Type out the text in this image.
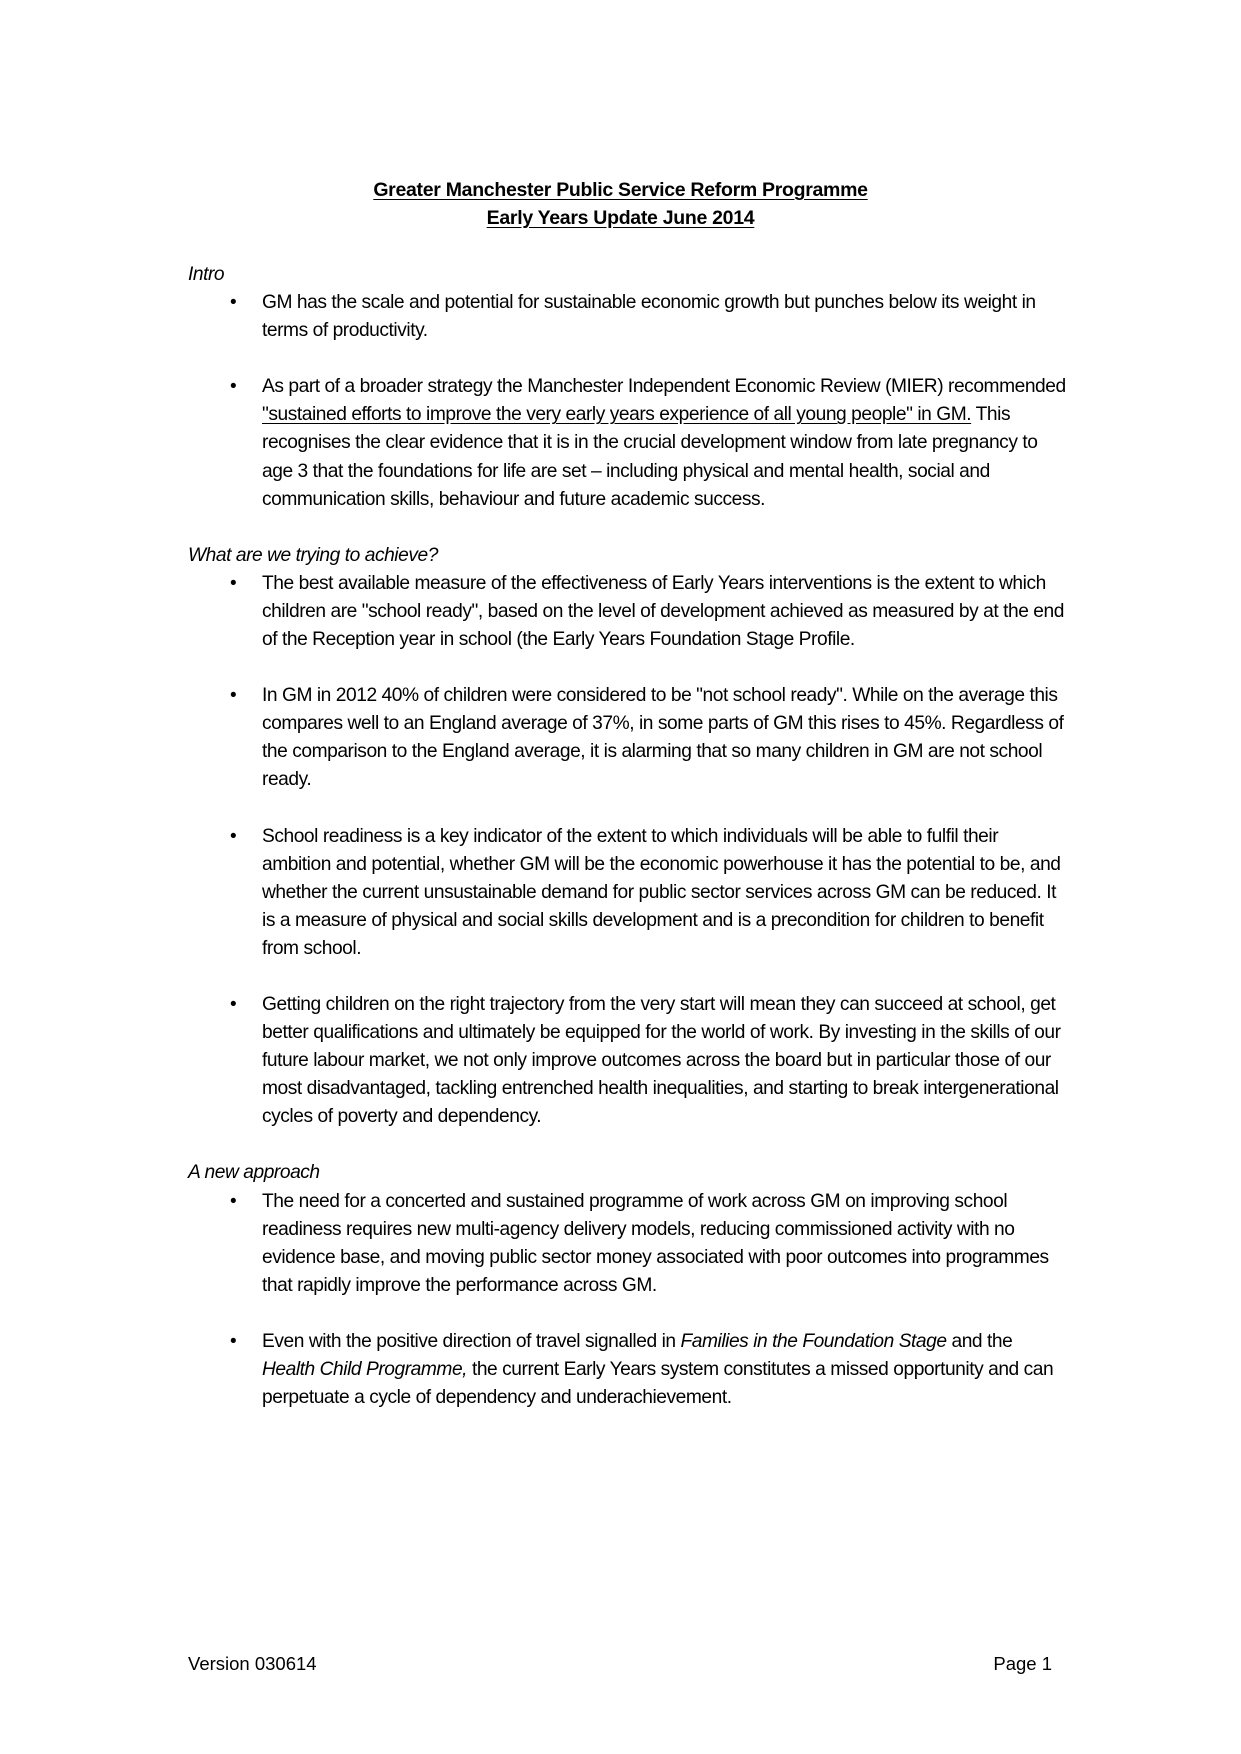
Greater Manchester Public Service Reform Programme
Early Years Update June 2014

Intro

• GM has the scale and potential for sustainable economic growth but punches below its weight in terms of productivity.
• As part of a broader strategy the Manchester Independent Economic Review (MIER) recommended "sustained efforts to improve the very early years experience of all young people" in GM. This recognises the clear evidence that it is in the crucial development window from late pregnancy to age 3 that the foundations for life are set – including physical and mental health, social and communication skills, behaviour and future academic success.

What are we trying to achieve?

• The best available measure of the effectiveness of Early Years interventions is the extent to which children are "school ready", based on the level of development achieved as measured by at the end of the Reception year in school (the Early Years Foundation Stage Profile.
• In GM in 2012 40% of children were considered to be "not school ready". While on the average this compares well to an England average of 37%, in some parts of GM this rises to 45%. Regardless of the comparison to the England average, it is alarming that so many children in GM are not school ready.
• School readiness is a key indicator of the extent to which individuals will be able to fulfil their ambition and potential, whether GM will be the economic powerhouse it has the potential to be, and whether the current unsustainable demand for public sector services across GM can be reduced. It is a measure of physical and social skills development and is a precondition for children to benefit from school.
• Getting children on the right trajectory from the very start will mean they can succeed at school, get better qualifications and ultimately be equipped for the world of work. By investing in the skills of our future labour market, we not only improve outcomes across the board but in particular those of our most disadvantaged, tackling entrenched health inequalities, and starting to break intergenerational cycles of poverty and dependency.

A new approach

• The need for a concerted and sustained programme of work across GM on improving school readiness requires new multi-agency delivery models, reducing commissioned activity with no evidence base, and moving public sector money associated with poor outcomes into programmes that rapidly improve the performance across GM.
• Even with the positive direction of travel signalled in Families in the Foundation Stage and the Health Child Programme, the current Early Years system constitutes a missed opportunity and can perpetuate a cycle of dependency and underachievement.
Version 030614	Page 1
